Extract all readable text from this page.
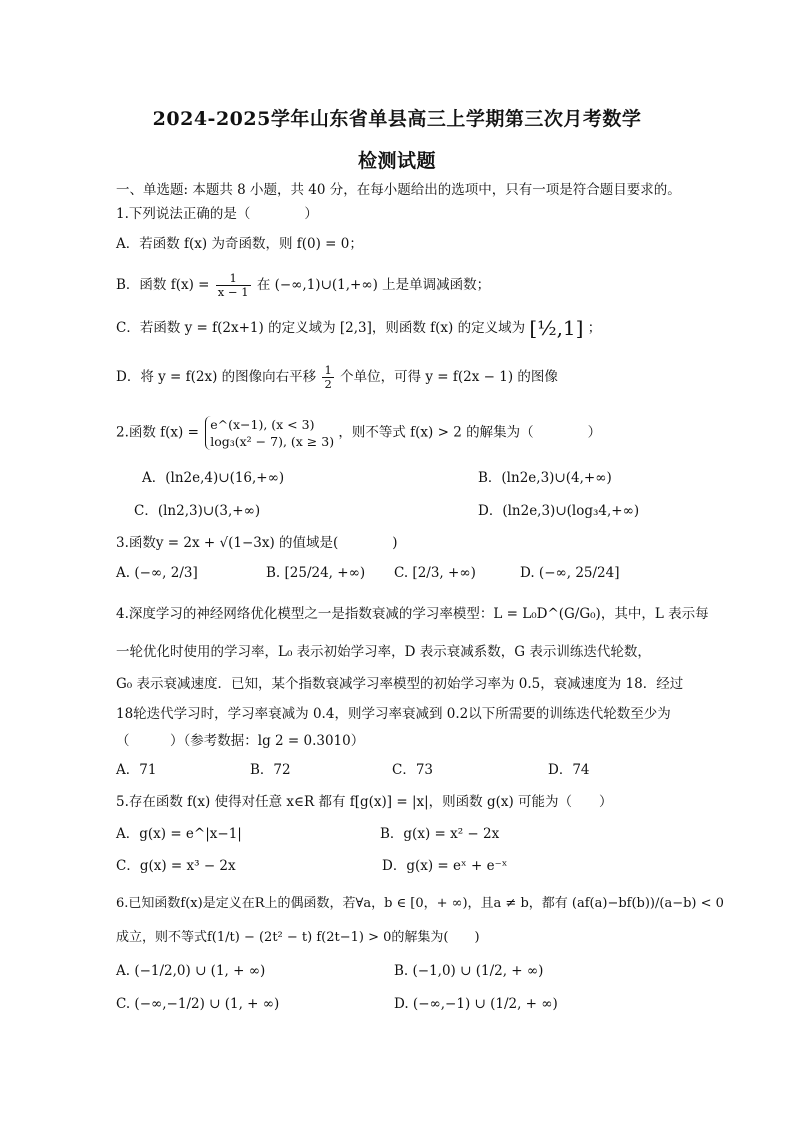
2024-2025学年山东省单县高三上学期第三次月考数学
检测试题
一、单选题: 本题共 8 小题，共 40 分，在每小题给出的选项中，只有一项是符合题目要求的。
1.下列说法正确的是（　　　　）
A．若函数 f(x) 为奇函数，则 f(0) = 0；
B．函数 $f(x) = \frac{1}{x - 1}$ 在 (−∞,1)∪(1,+∞) 上是单调减函数；
C．若函数 y = f(2x+1) 的定义域为 [2,3]，则函数 f(x) 的定义域为 [½,1] ；
D．将 y = f(2x) 的图像向右平移 $\frac{1}{2}$ 个单位，可得 y = f(2x − 1) 的图像
2.函数 f(x) = e^(x−1), (x < 3)
log₃(x² − 7), (x ≥ 3)
，则不等式 f(x) > 2 的解集为（　　　　）
A．(ln2e,4)∪(16,+∞)	B．(ln2e,3)∪(4,+∞)
C．(ln2,3)∪(3,+∞)	D．(ln2e,3)∪(log₃4,+∞)
3.函数y = 2x + √(1−3x) 的值域是(　　　　)
A. (−∞, 2/3]	B. [25/24, +∞) C. [2/3, +∞)	D. (−∞, 25/24]
4.深度学习的神经网络优化模型之一是指数衰减的学习率模型：L = L₀D^(G/G₀)，其中，L 表示每
一轮优化时使用的学习率，L₀ 表示初始学习率，D 表示衰减系数，G 表示训练迭代轮数，
G₀ 表示衰减速度．已知，某个指数衰减学习率模型的初始学习率为 0.5，衰减速度为 18．经过
18轮迭代学习时，学习率衰减为 0.4，则学习率衰减到 0.2以下所需要的训练迭代轮数至少为
（　　　）（参考数据：lg 2 = 0.3010）
A．71	B．72	C．73	D．74
5.存在函数 f(x) 使得对任意 x∈R 都有 f[g(x)] = |x|，则函数 g(x) 可能为（　　）
A．g(x) = e^|x−1|	B．g(x) = x² − 2x
C．g(x) = x³ − 2x	D．g(x) = eˣ + e⁻ˣ
6.已知函数f(x)是定义在R上的偶函数，若∀a，b ∈ [0，+ ∞)，且a ≠ b，都有 (af(a)−bf(b))/(a−b) < 0
成立，则不等式f(1/t) − (2t² − t) f(2t−1) > 0的解集为(　　)
A. (−1/2,0) ∪ (1, + ∞)	B. (−1,0) ∪ (1/2, + ∞)
C. (−∞,−1/2) ∪ (1, + ∞)	D. (−∞,−1) ∪ (1/2, + ∞)
